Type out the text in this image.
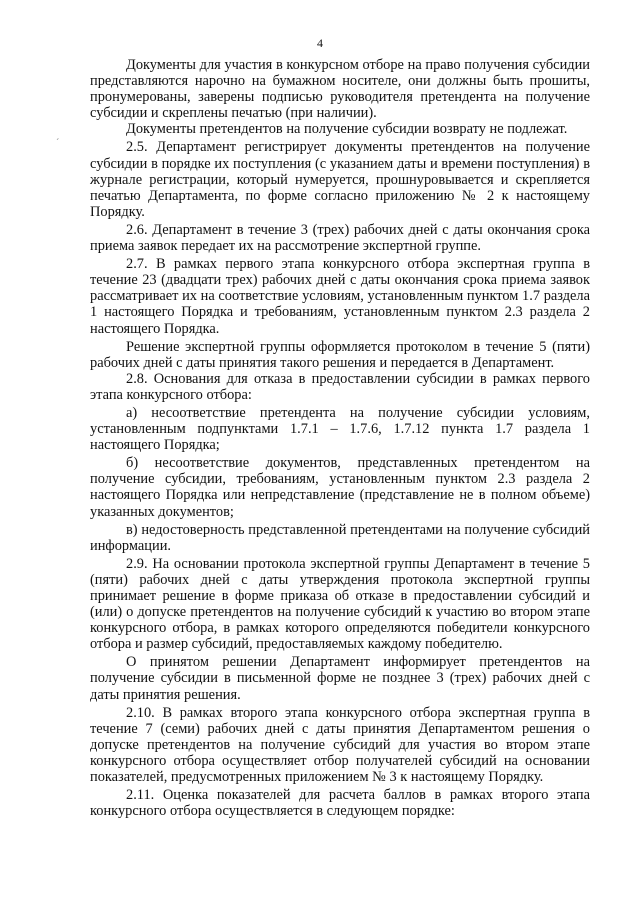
4
ˊ

Документы для участия в конкурсном отборе на право получения субсидии представляются нарочно на бумажном носителе, они должны быть прошиты, пронумерованы, заверены подписью руководителя претендента на получение субсидии и скреплены печатью (при наличии).

Документы претендентов на получение субсидии возврату не подлежат.

2.5. Департамент регистрирует документы претендентов на получение субсидии в порядке их поступления (с указанием даты и времени поступления) в журнале регистрации, который нумеруется, прошнуровывается и скрепляется печатью Департамента, по форме согласно приложению № 2 к настоящему Порядку.

2.6. Департамент в течение 3 (трех) рабочих дней с даты окончания срока приема заявок передает их на рассмотрение экспертной группе.

2.7. В рамках первого этапа конкурсного отбора экспертная группа в течение 23 (двадцати трех) рабочих дней с даты окончания срока приема заявок рассматривает их на соответствие условиям, установленным пунктом 1.7 раздела 1 настоящего Порядка и требованиям, установленным пунктом 2.3 раздела 2 настоящего Порядка.

Решение экспертной группы оформляется протоколом в течение 5 (пяти) рабочих дней с даты принятия такого решения и передается в Департамент.

2.8. Основания для отказа в предоставлении субсидии в рамках первого этапа конкурсного отбора:

а) несоответствие претендента на получение субсидии условиям, установленным подпунктами 1.7.1 – 1.7.6, 1.7.12 пункта 1.7 раздела 1 настоящего Порядка;

б) несоответствие документов, представленных претендентом на получение субсидии, требованиям, установленным пунктом 2.3 раздела 2 настоящего Порядка или непредставление (представление не в полном объеме) указанных документов;

в) недостоверность представленной претендентами на получение субсидий информации.

2.9. На основании протокола экспертной группы Департамент в течение 5 (пяти) рабочих дней с даты утверждения протокола экспертной группы принимает решение в форме приказа об отказе в предоставлении субсидий и (или) о допуске претендентов на получение субсидий к участию во втором этапе конкурсного отбора, в рамках которого определяются победители конкурсного отбора и размер субсидий, предоставляемых каждому победителю.

О принятом решении Департамент информирует претендентов на получение субсидии в письменной форме не позднее 3 (трех) рабочих дней с даты принятия решения.

2.10. В рамках второго этапа конкурсного отбора экспертная группа в течение 7 (семи) рабочих дней с даты принятия Департаментом решения о допуске претендентов на получение субсидий для участия во втором этапе конкурсного отбора осуществляет отбор получателей субсидий на основании показателей, предусмотренных приложением № 3 к настоящему Порядку.

2.11. Оценка показателей для расчета баллов в рамках второго этапа конкурсного отбора осуществляется в следующем порядке:
